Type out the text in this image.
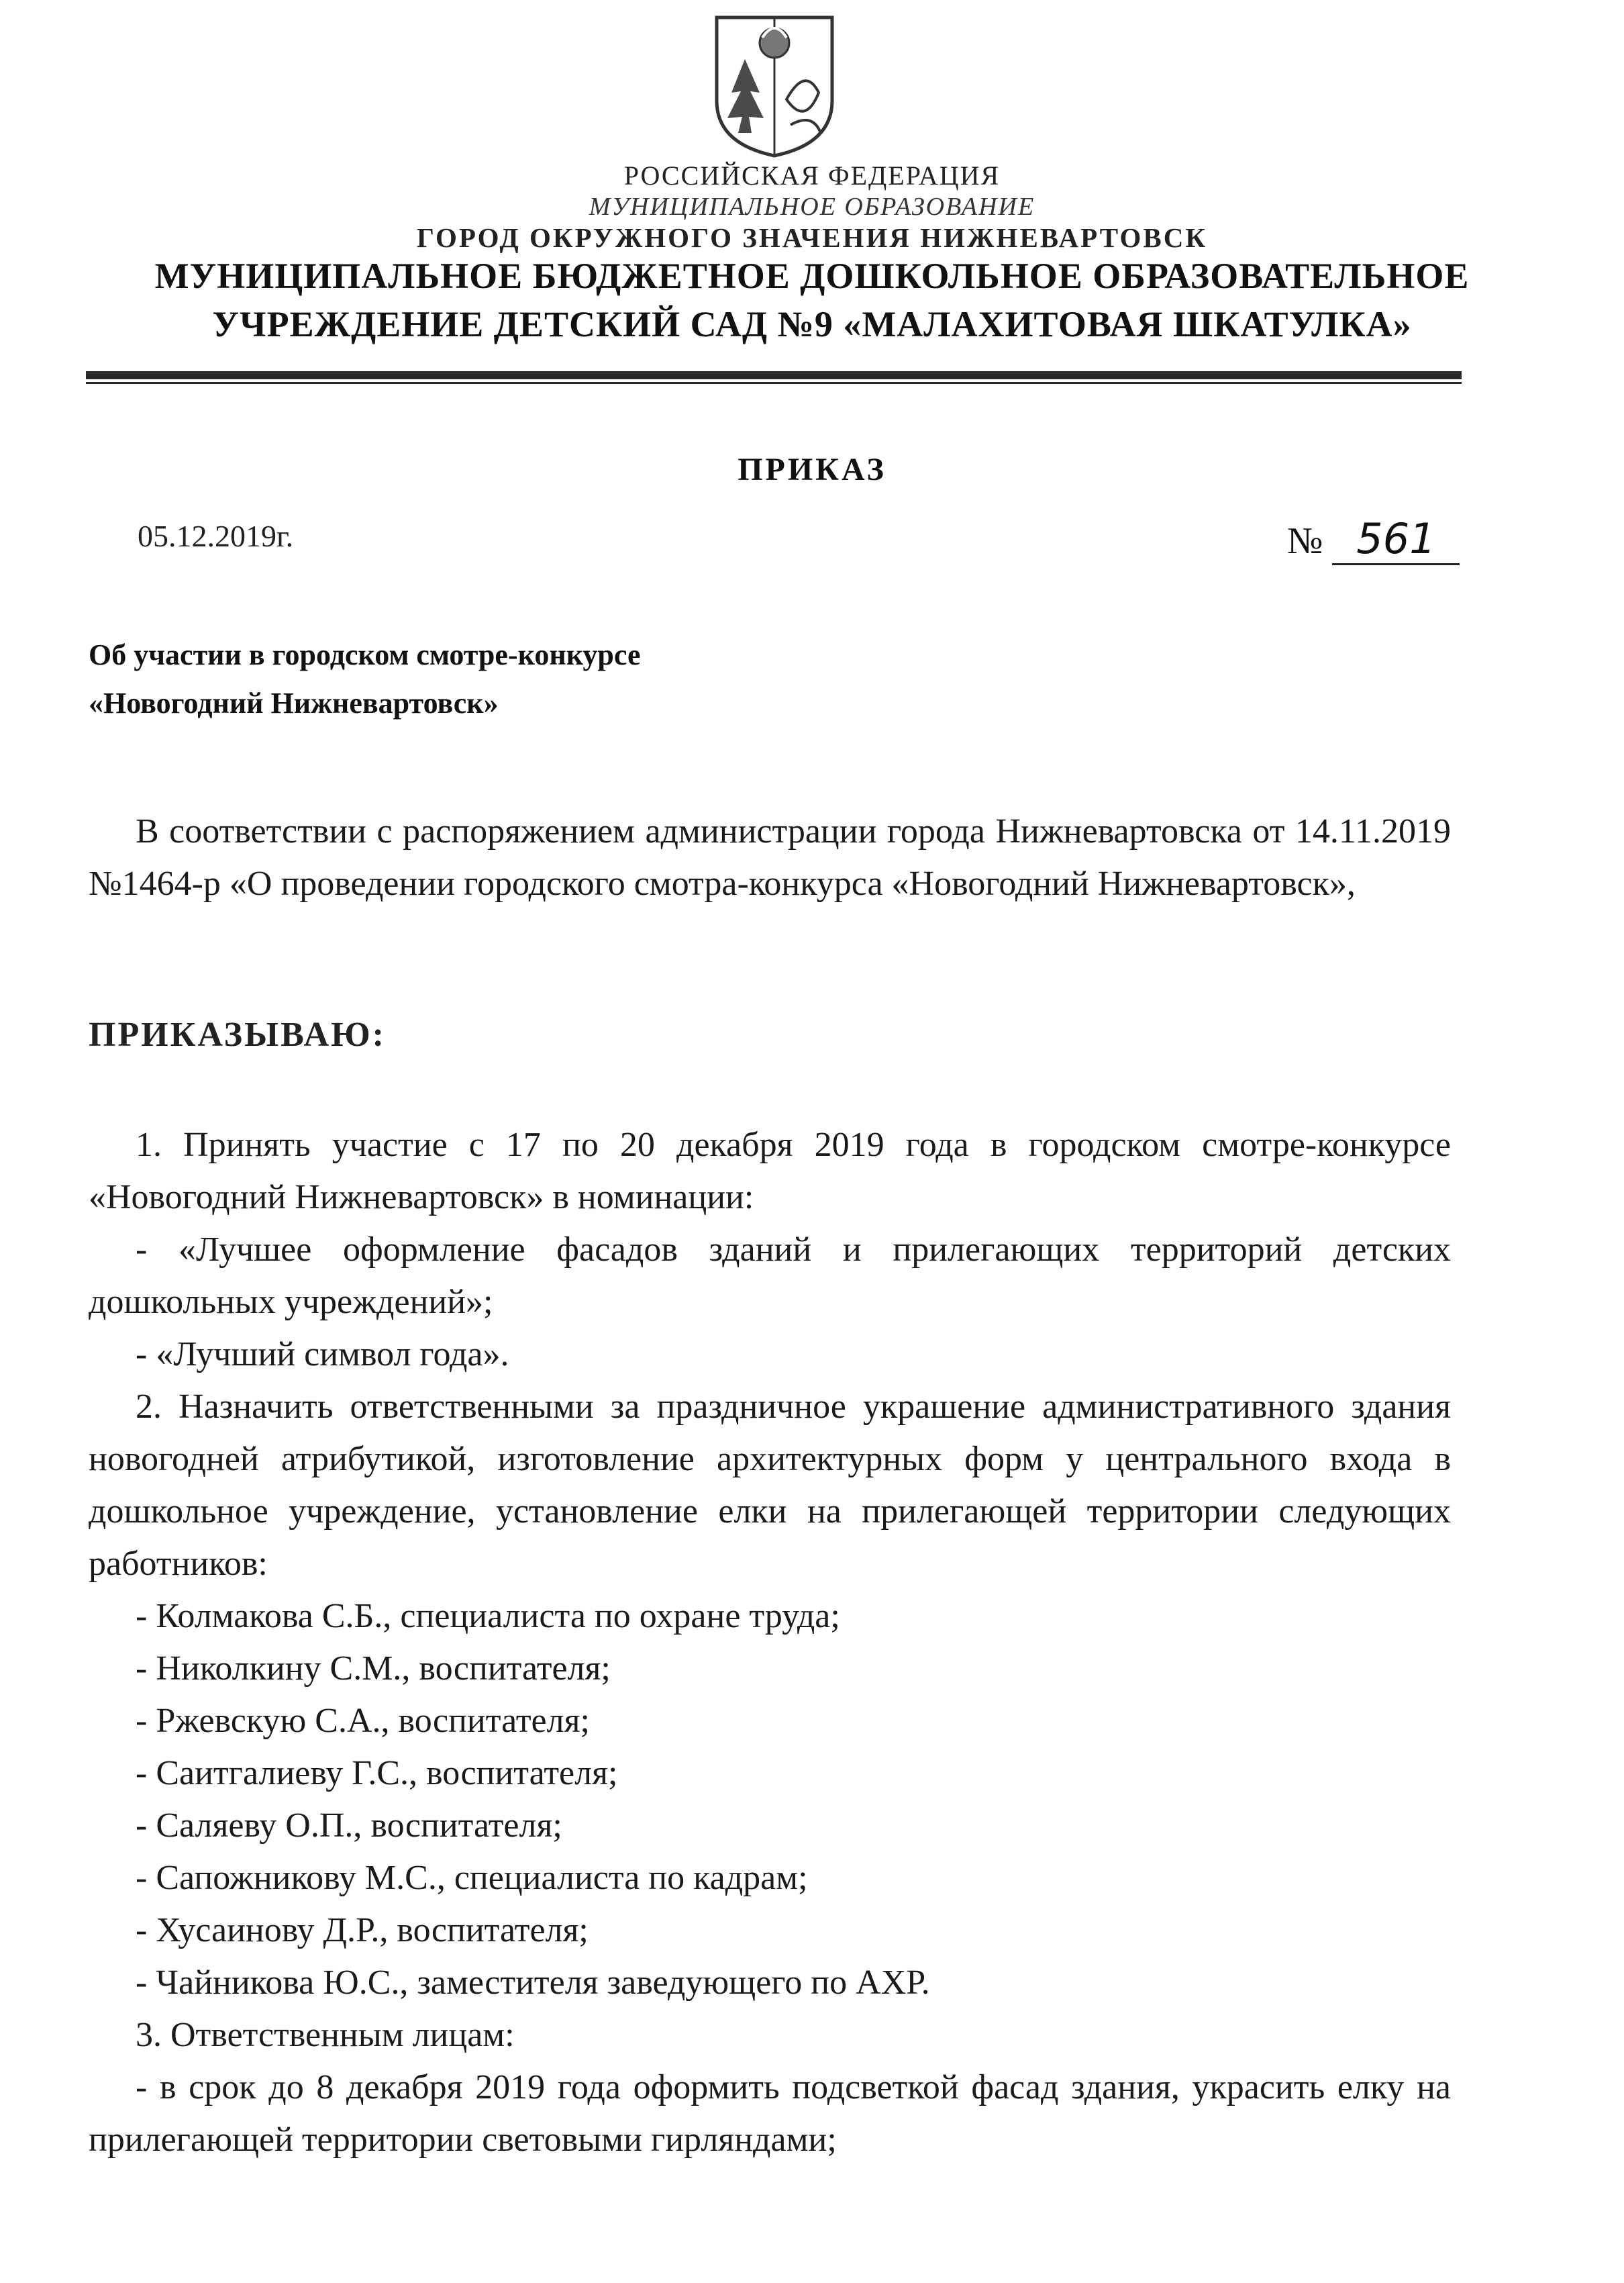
РОССИЙСКАЯ ФЕДЕРАЦИЯ
МУНИЦИПАЛЬНОЕ ОБРАЗОВАНИЕ
ГОРОД ОКРУЖНОГО ЗНАЧЕНИЯ НИЖНЕВАРТОВСК
МУНИЦИПАЛЬНОЕ БЮДЖЕТНОЕ ДОШКОЛЬНОЕ ОБРАЗОВАТЕЛЬНОЕ
УЧРЕЖДЕНИЕ ДЕТСКИЙ САД №9 «МАЛАХИТОВАЯ ШКАТУЛКА»
ПРИКАЗ
05.12.2019г.	№ 561
Об участии в городском смотре-конкурсе
«Новогодний Нижневартовск»
В соответствии с распоряжением администрации города Нижневартовска от 14.11.2019 №1464-р «О проведении городского смотра-конкурса «Новогодний Нижневартовск»,
ПРИКАЗЫВАЮ:
1. Принять участие с 17 по 20 декабря 2019 года в городском смотре-конкурсе «Новогодний Нижневартовск» в номинации:
- «Лучшее оформление фасадов зданий и прилегающих территорий детских дошкольных учреждений»;
- «Лучший символ года».
2. Назначить ответственными за праздничное украшение административного здания новогодней атрибутикой, изготовление архитектурных форм у центрального входа в дошкольное учреждение, установление елки на прилегающей территории следующих работников:
- Колмакова С.Б., специалиста по охране труда;
- Николкину С.М., воспитателя;
- Ржевскую С.А., воспитателя;
- Саитгалиеву Г.С., воспитателя;
- Саляеву О.П., воспитателя;
- Сапожникову М.С., специалиста по кадрам;
- Хусаинову Д.Р., воспитателя;
- Чайникова Ю.С., заместителя заведующего по АХР.
3. Ответственным лицам:
- в срок до 8 декабря 2019 года оформить подсветкой фасад здания, украсить елку на прилегающей территории световыми гирляндами;
